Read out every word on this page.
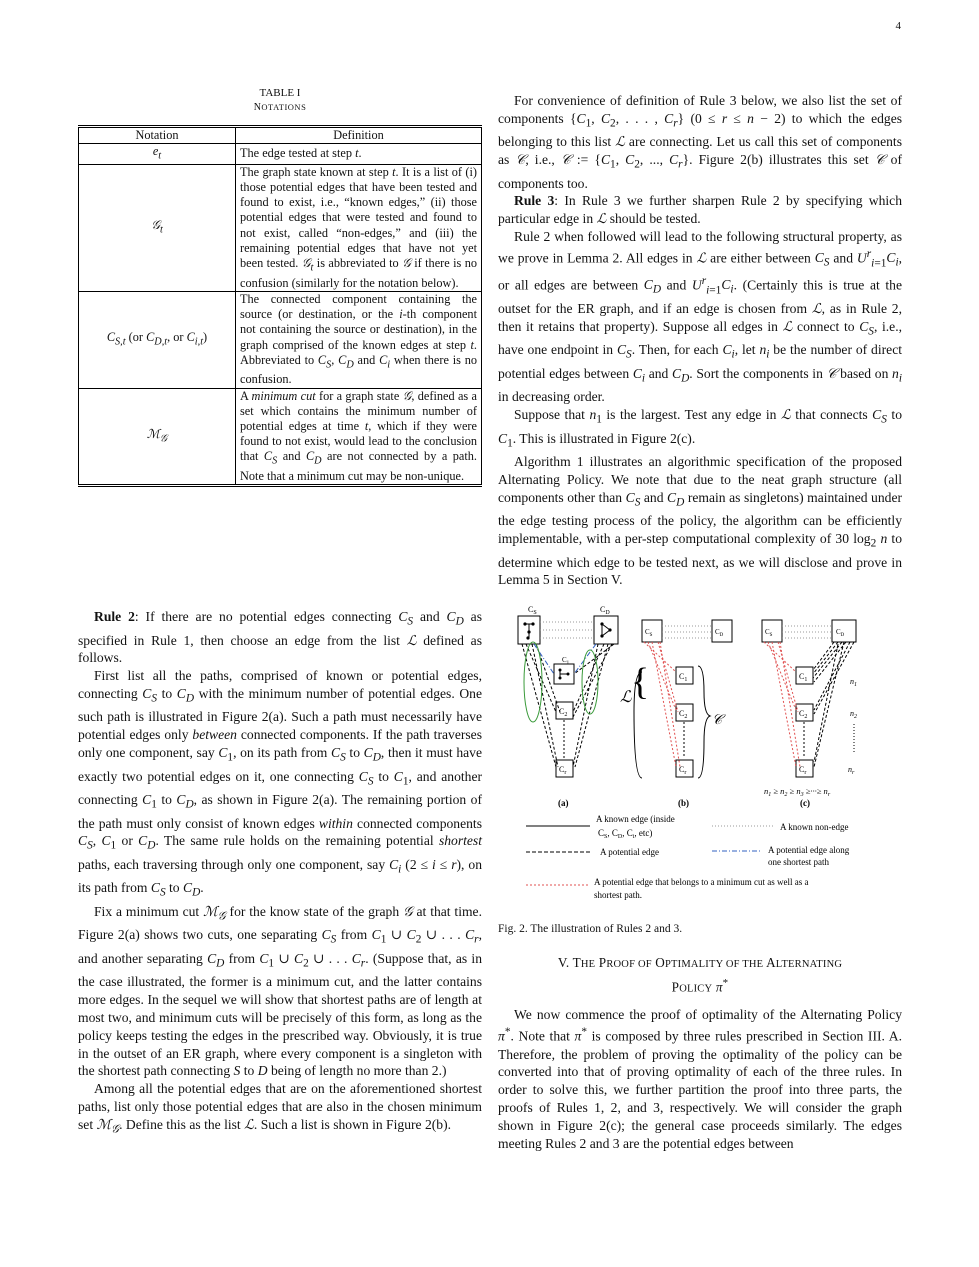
4
TABLE I
NOTATIONS
Notation	Definition
$e_t$	The edge tested at step t.
𝒢$_t$	The graph state known at step t. It is a list of (i) those potential edges that have been tested and found to exist, i.e., “known edges,” (ii) those potential edges that were tested and found to not exist, called “non-edges,” and (iii) the remaining potential edges that have not yet been tested. 𝒢$_t$ is abbreviated to 𝒢 if there is no confusion (similarly for the notation below).
$C_{S,t}$ (or $C_{D,t}$, or $C_{i,t}$)	The connected component containing the source (or destination, or the i-th component not containing the source or destination), in the graph comprised of the known edges at step t. Abbreviated to $C_S$, $C_D$ and $C_i$ when there is no confusion.
ℳ$_𝒢$	A minimum cut for a graph state 𝒢, defined as a set which contains the minimum number of potential edges at time t, which if they were found to not exist, would lead to the conclusion that $C_S$ and $C_D$ are not connected by a path. Note that a minimum cut may be non-unique.

Rule 2: If there are no potential edges connecting $C_S$ and $C_D$ as specified in Rule 1, then choose an edge from the list ℒ defined as follows.

First list all the paths, comprised of known or potential edges, connecting $C_S$ to $C_D$ with the minimum number of potential edges. One such path is illustrated in Figure 2(a). Such a path must necessarily have potential edges only between connected components. If the path traverses only one component, say $C_1$, on its path from $C_S$ to $C_D$, then it must have exactly two potential edges on it, one connecting $C_S$ to $C_1$, and another connecting $C_1$ to $C_D$, as shown in Figure 2(a). The remaining portion of the path must only consist of known edges within connected components $C_S$, $C_1$ or $C_D$. The same rule holds on the remaining potential shortest paths, each traversing through only one component, say $C_i$ (2 ≤ i ≤ r), on its path from $C_S$ to $C_D$.

Fix a minimum cut ℳ$_𝒢$ for the know state of the graph 𝒢 at that time. Figure 2(a) shows two cuts, one separating $C_S$ from $C_1$ ∪ $C_2$ ∪ . . . $C_r$, and another separating $C_D$ from $C_1$ ∪ $C_2$ ∪ . . . $C_r$. (Suppose that, as in the case illustrated, the former is a minimum cut, and the latter contains more edges. In the sequel we will show that shortest paths are of length at most two, and minimum cuts will be precisely of this form, as long as the policy keeps testing the edges in the prescribed way. Obviously, it is true in the outset of an ER graph, where every component is a singleton with the shortest path connecting S to D being of length no more than 2.)

Among all the potential edges that are on the aforementioned shortest paths, list only those potential edges that are also in the chosen minimum set ℳ$_𝒢$. Define this as the list ℒ. Such a list is shown in Figure 2(b).

For convenience of definition of Rule 3 below, we also list the set of components {$C_1$, $C_2$, . . . , $C_r$} (0 ≤ r ≤ n − 2) to which the edges belonging to this list ℒ are connecting. Let us call this set of components as 𝒞, i.e., 𝒞 := {$C_1$, $C_2$, ..., $C_r$}. Figure 2(b) illustrates this set 𝒞 of components too.

Rule 3: In Rule 3 we further sharpen Rule 2 by specifying which particular edge in ℒ should be tested.

Rule 2 when followed will lead to the following structural property, as we prove in Lemma 2. All edges in ℒ are either between $C_S$ and $U^r_{i=1}C_i$, or all edges are between $C_D$ and $U^r_{i=1}C_i$. (Certainly this is true at the outset for the ER graph, and if an edge is chosen from ℒ, as in Rule 2, then it retains that property). Suppose all edges in ℒ connect to $C_S$, i.e., have one endpoint in $C_S$. Then, for each $C_i$, let $n_i$ be the number of direct potential edges between $C_i$ and $C_D$. Sort the components in 𝒞 based on $n_i$ in decreasing order.

Suppose that $n_1$ is the largest. Test any edge in ℒ that connects $C_S$ to $C_1$. This is illustrated in Figure 2(c).

Algorithm 1 illustrates an algorithmic specification of the proposed Alternating Policy. We note that due to the neat graph structure (all components other than $C_S$ and $C_D$ remain as singletons) maintained under the edge testing process of the policy, the algorithm can be efficiently implementable, with a per-step computational complexity of 30 $\log_2 n$ to determine which edge to be tested next, as we will disclose and prove in Lemma 5 in Section V.

$C_S$	$C_D$
C
$C_2$
$C_r$
(a)
ℒ {
$C_S$	$C_D$
$C_1$
$C_2$
$C_r$
𝒞
(b)
$C_S$	$C_D$
$C_1$
$C_2$
$C_r$
$n_1$
$n_2$
$n_r$
$n_1 \ge n_2 \ge n_3$ ≥···≥ $n_r$
(c)
A known edge (inside
$C_S$, $C_D$, $C_i$, etc)
A known non-edge
A potential edge	A potential edge along
one shortest path
A potential edge that belongs to a minimum cut as well as a
shortest path.
Fig. 2. The illustration of Rules 2 and 3.
V. THE PROOF OF OPTIMALITY OF THE ALTERNATING
POLICY π*

We now commence the proof of optimality of the Alternating Policy π*. Note that π* is composed by three rules prescribed in Section III. A. Therefore, the problem of proving the optimality of the policy can be converted into that of proving optimality of each of the three rules. In order to solve this, we further partition the proof into three parts, the proofs of Rules 1, 2, and 3, respectively. We will consider the graph shown in Figure 2(c); the general case proceeds similarly. The edges meeting Rules 2 and 3 are the potential edges between
